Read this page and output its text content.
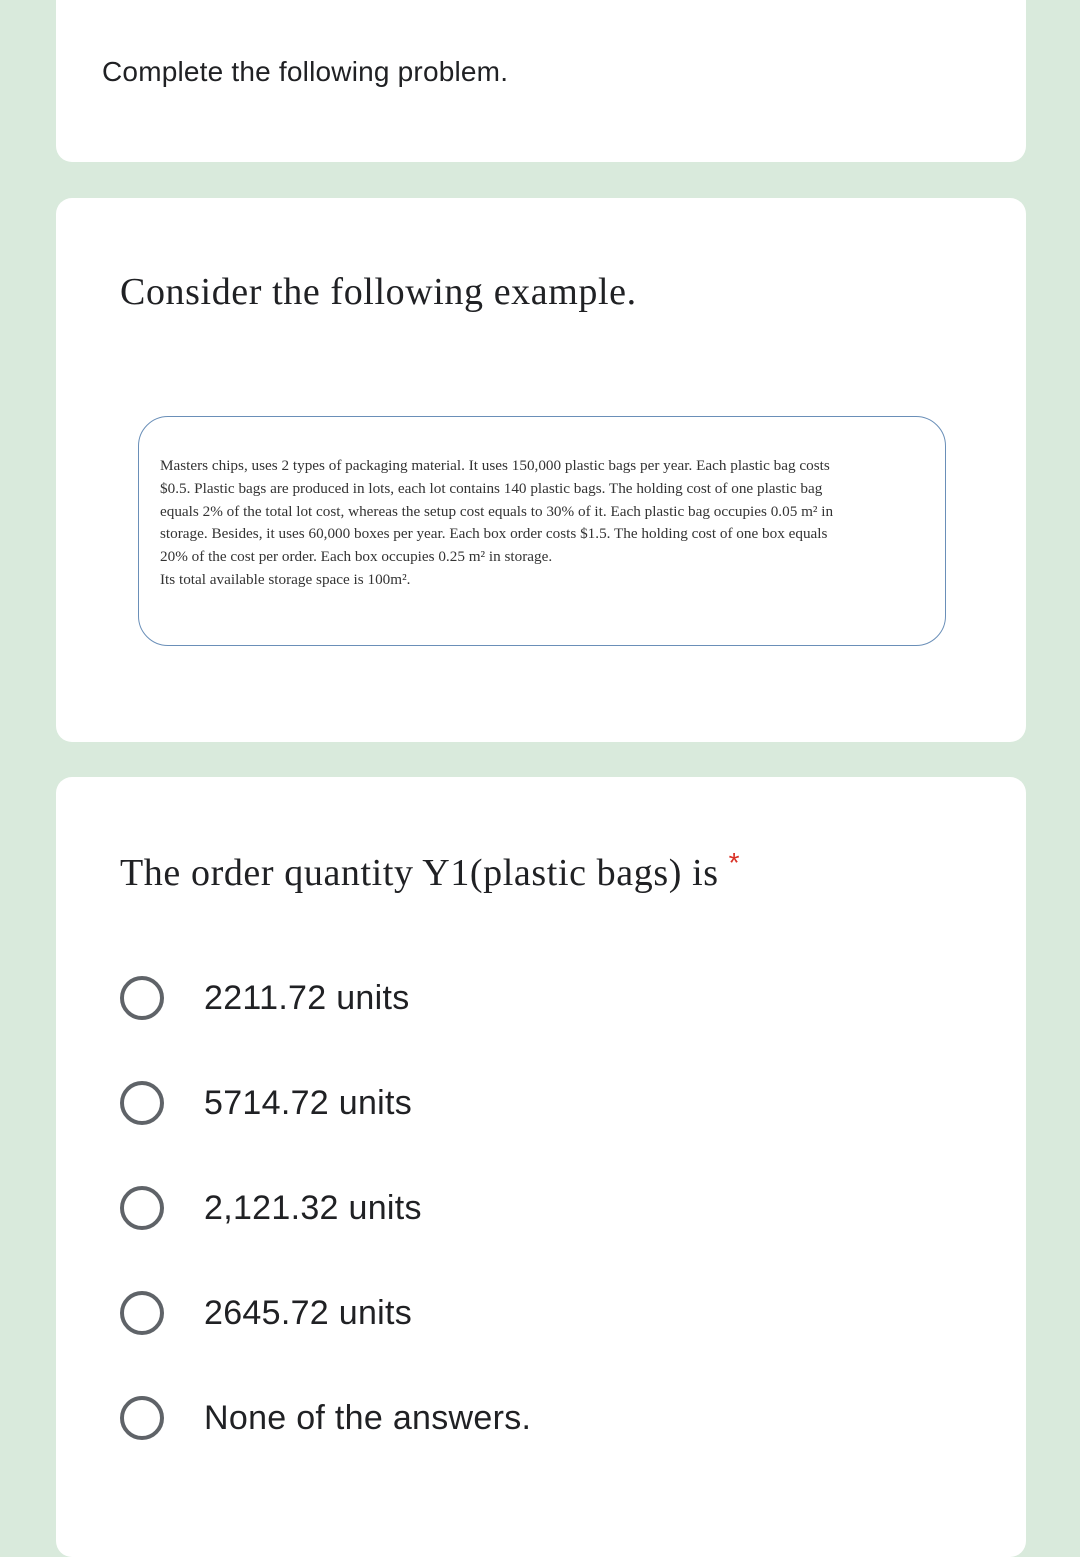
Complete the following problem.
Consider the following example.

Masters chips, uses 2 types of packaging material. It uses 150,000 plastic bags per year. Each plastic bag costs

$0.5. Plastic bags are produced in lots, each lot contains 140 plastic bags. The holding cost of one plastic bag

equals 2% of the total lot cost, whereas the setup cost equals to 30% of it. Each plastic bag occupies 0.05 m² in

storage. Besides, it uses 60,000 boxes per year. Each box order costs $1.5. The holding cost of one box equals

20% of the cost per order. Each box occupies 0.25 m² in storage.

Its total available storage space is 100m².

The order quantity Y1(plastic bags) is *
2211.72 units
5714.72 units
2,121.32 units
2645.72 units
None of the answers.
